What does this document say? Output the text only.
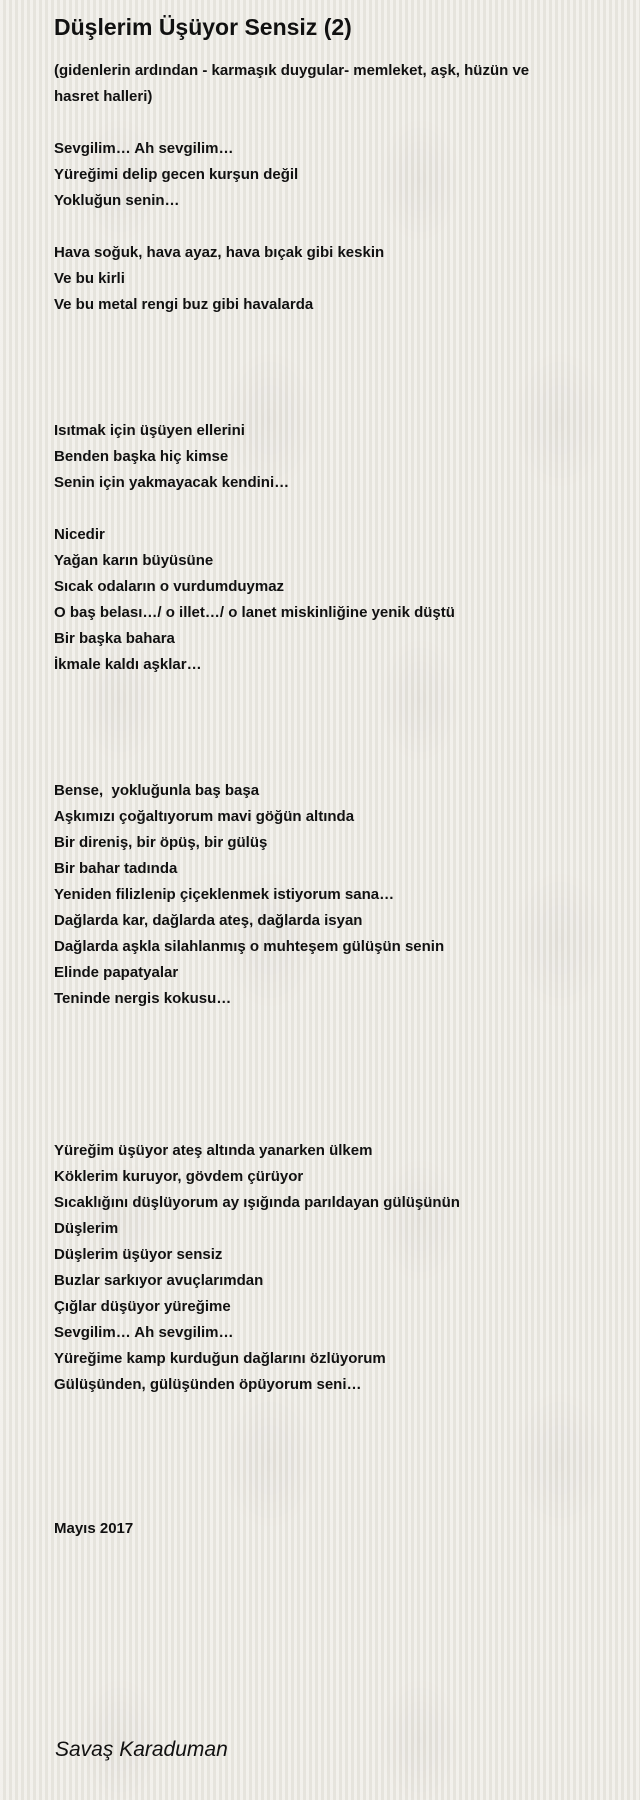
Düşlerim Üşüyor Sensiz (2)

(gidenlerin ardından - karmaşık duygular- memleket, aşk, hüzün ve hasret halleri)

Sevgilim… Ah sevgilim…
Yüreğimi delip gecen kurşun değil
Yokluğun senin…
Hava soğuk, hava ayaz, hava bıçak gibi keskin
Ve bu kirli
Ve bu metal rengi buz gibi havalarda
Isıtmak için üşüyen ellerini
Benden başka hiç kimse
Senin için yakmayacak kendini…
Nicedir
Yağan karın büyüsüne
Sıcak odaların o vurdumduymaz
O baş belası…/ o illet…/ o lanet miskinliğine yenik düştü
Bir başka bahara
İkmale kaldı aşklar…
Bense,  yokluğunla baş başa
Aşkımızı çoğaltıyorum mavi göğün altında
Bir direniş, bir öpüş, bir gülüş
Bir bahar tadında
Yeniden filizlenip çiçeklenmek istiyorum sana…
Dağlarda kar, dağlarda ateş, dağlarda isyan
Dağlarda aşkla silahlanmış o muhteşem gülüşün senin
Elinde papatyalar
Teninde nergis kokusu…
Yüreğim üşüyor ateş altında yanarken ülkem
Köklerim kuruyor, gövdem çürüyor
Sıcaklığını düşlüyorum ay ışığında parıldayan gülüşünün
Düşlerim
Düşlerim üşüyor sensiz
Buzlar sarkıyor avuçlarımdan
Çığlar düşüyor yüreğime
Sevgilim… Ah sevgilim…
Yüreğime kamp kurduğun dağlarını özlüyorum
Gülüşünden, gülüşünden öpüyorum seni…
Mayıs 2017
Savaş Karaduman
